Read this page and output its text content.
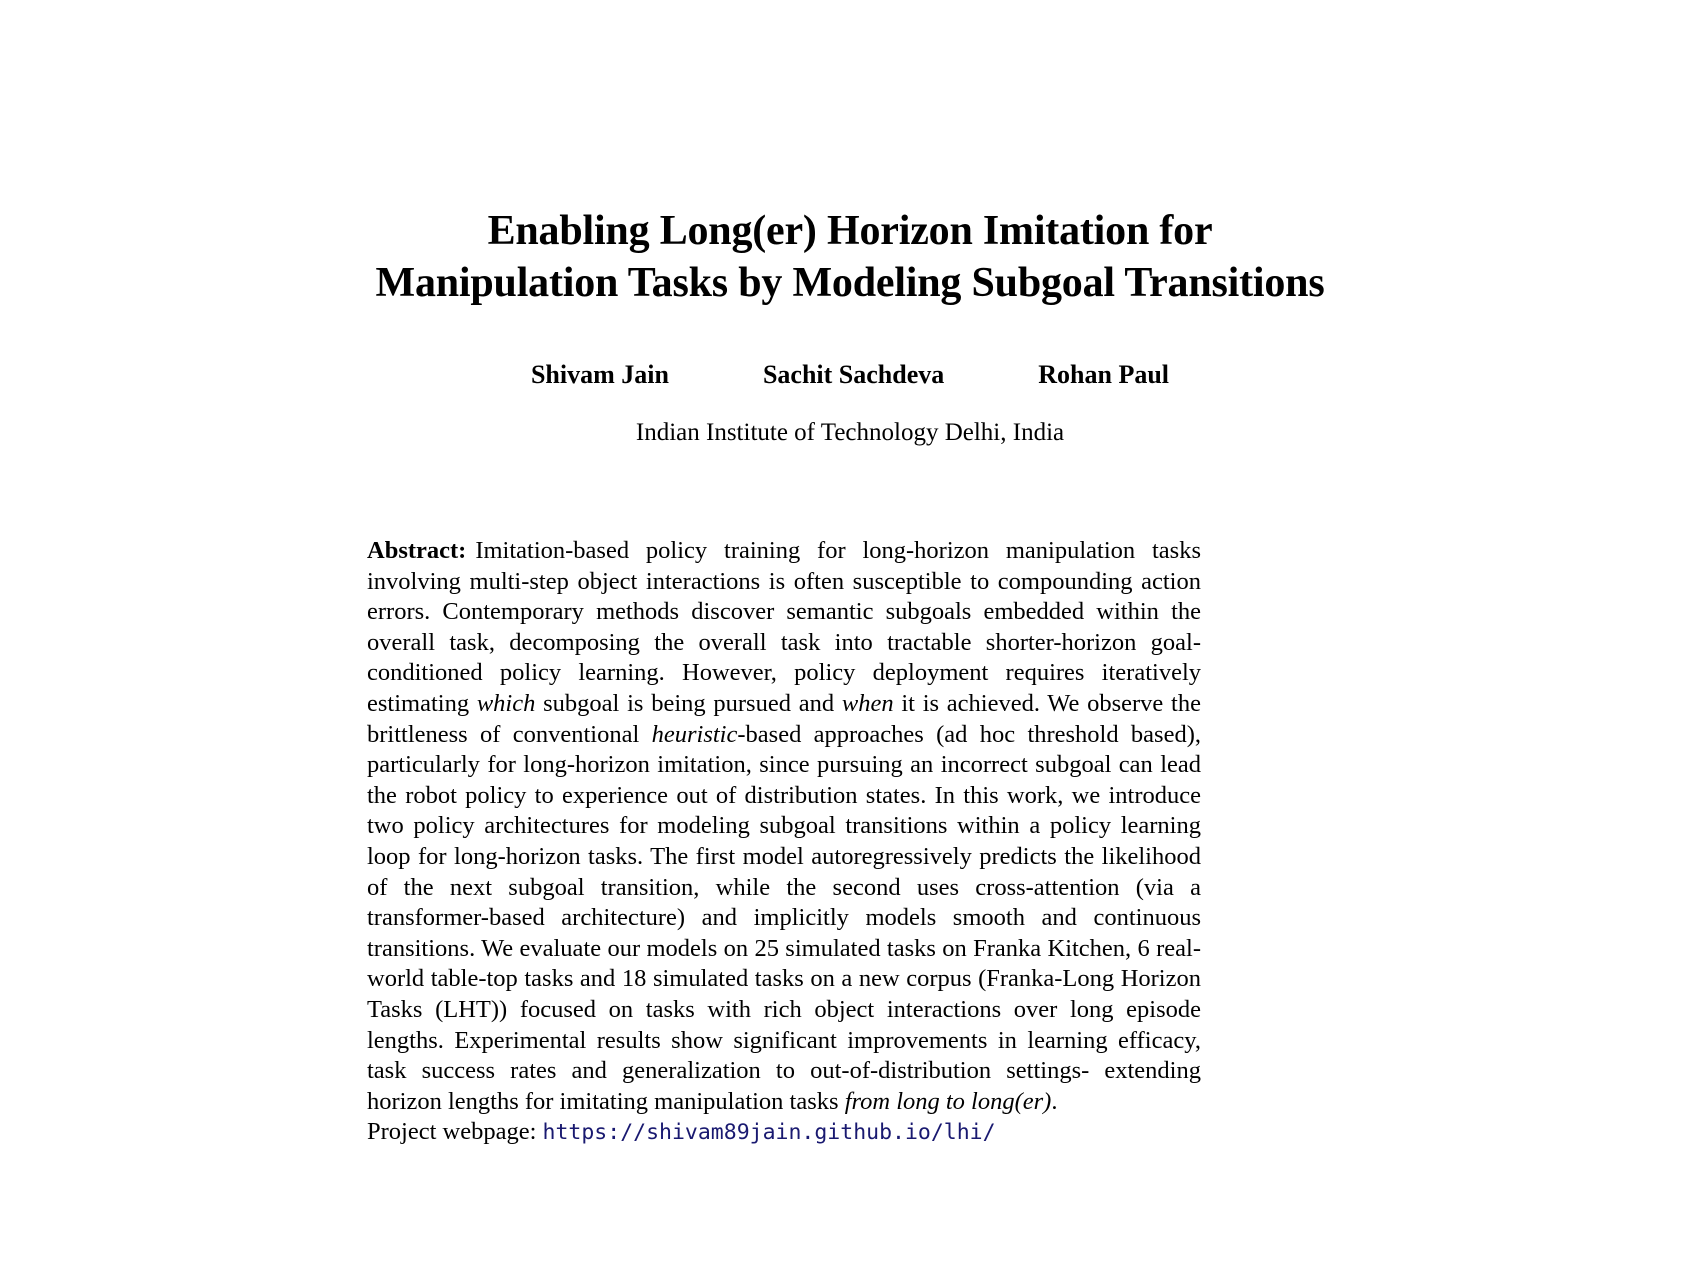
Enabling Long(er) Horizon Imitation for
Manipulation Tasks by Modeling Subgoal Transitions
Shivam Jain	Sachit Sachdeva	Rohan Paul
Indian Institute of Technology Delhi, India

Abstract: Imitation-based policy training for long-horizon manipulation tasks involving multi-step object interactions is often susceptible to compounding action errors. Contemporary methods discover semantic subgoals embedded within the overall task, decomposing the overall task into tractable shorter-horizon goal-conditioned policy learning. However, policy deployment requires iteratively estimating which subgoal is being pursued and when it is achieved. We observe the brittleness of conventional heuristic-based approaches (ad hoc threshold based), particularly for long-horizon imitation, since pursuing an incorrect subgoal can lead the robot policy to experience out of distribution states. In this work, we introduce two policy architectures for modeling subgoal transitions within a policy learning loop for long-horizon tasks. The first model autoregressively predicts the likelihood of the next subgoal transition, while the second uses cross-attention (via a transformer-based architecture) and implicitly models smooth and continuous transitions. We evaluate our models on 25 simulated tasks on Franka Kitchen, 6 real-world table-top tasks and 18 simulated tasks on a new corpus (Franka-Long Horizon Tasks (LHT)) focused on tasks with rich object interactions over long episode lengths. Experimental results show significant improvements in learning efficacy, task success rates and generalization to out-of-distribution settings- extending horizon lengths for imitating manipulation tasks from long to long(er).

Project webpage: https://shivam89jain.github.io/lhi/
